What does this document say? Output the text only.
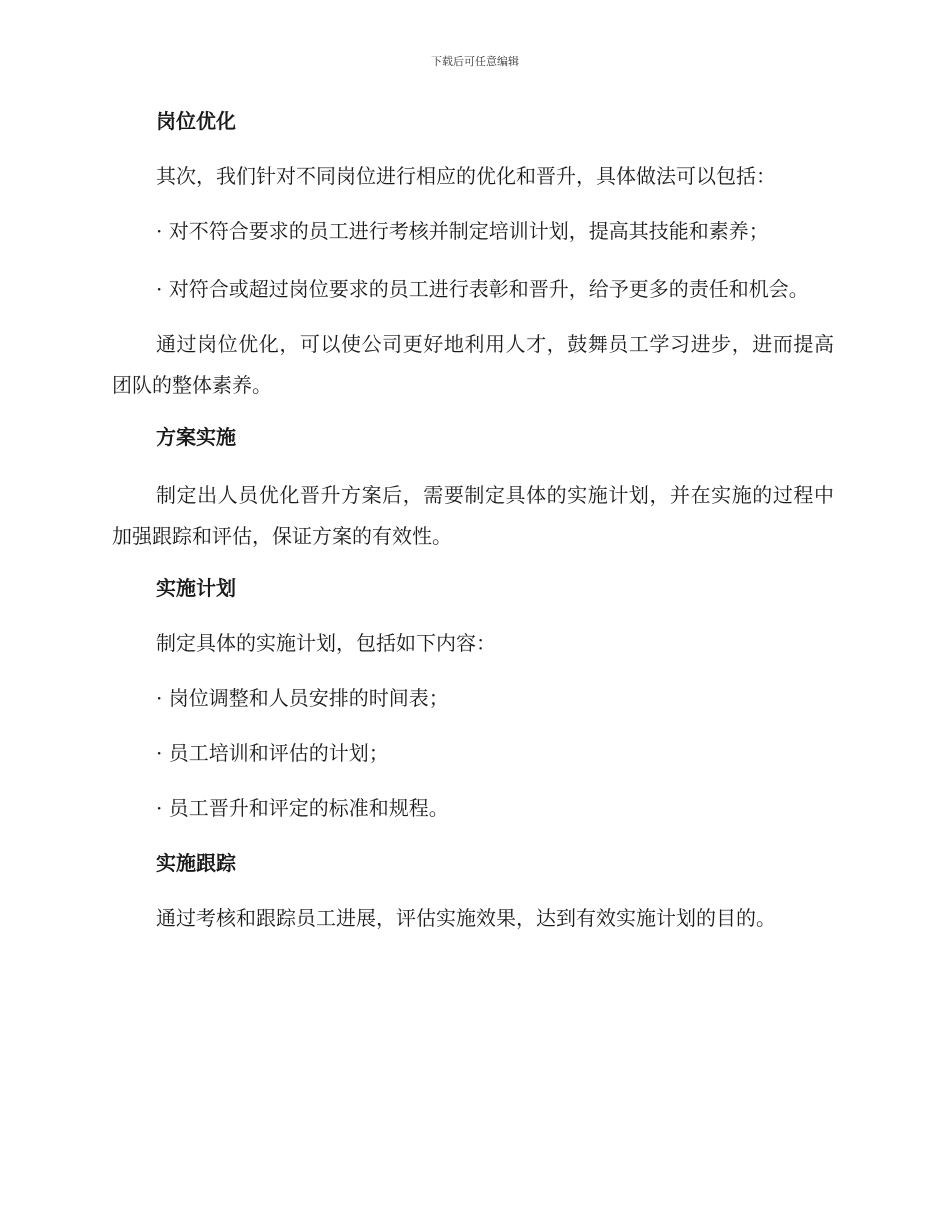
下载后可任意编辑
岗位优化

其次，我们针对不同岗位进行相应的优化和晋升，具体做法可以包括：

· 对不符合要求的员工进行考核并制定培训计划，提高其技能和素养；

· 对符合或超过岗位要求的员工进行表彰和晋升，给予更多的责任和机会。

通过岗位优化，可以使公司更好地利用人才，鼓舞员工学习进步，进而提高团队的整体素养。

方案实施

制定出人员优化晋升方案后，需要制定具体的实施计划，并在实施的过程中加强跟踪和评估，保证方案的有效性。

实施计划

制定具体的实施计划，包括如下内容：

· 岗位调整和人员安排的时间表；

· 员工培训和评估的计划；

· 员工晋升和评定的标准和规程。

实施跟踪

通过考核和跟踪员工进展，评估实施效果，达到有效实施计划的目的。
